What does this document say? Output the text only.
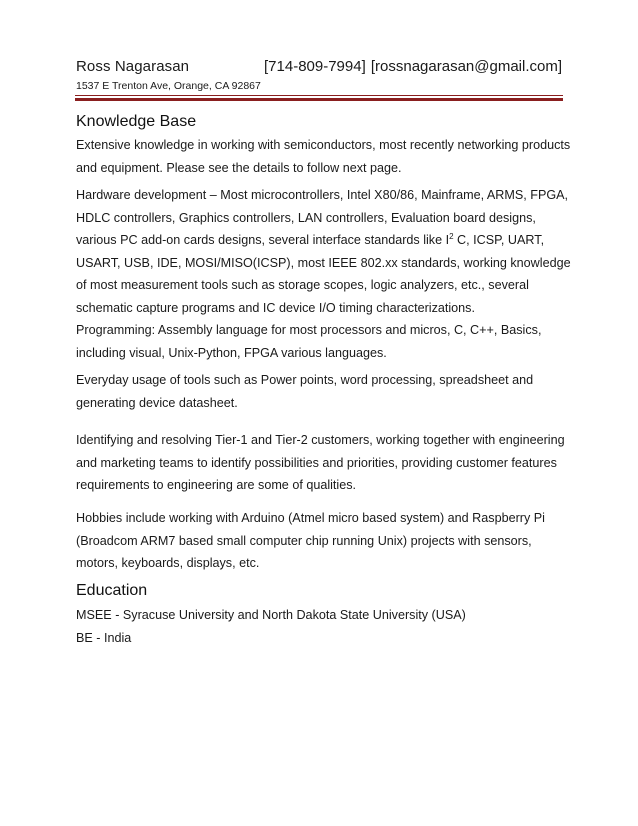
Ross Nagarasan	[714-809-7994] [rossnagarasan@gmail.com]
1537 E Trenton Ave, Orange, CA 92867
Knowledge Base

Extensive knowledge in working with semiconductors, most recently networking products and equipment. Please see the details to follow next page.

Hardware development – Most microcontrollers, Intel X80/86, Mainframe, ARMS, FPGA, HDLC controllers, Graphics controllers, LAN controllers, Evaluation board designs, various PC add-on cards designs, several interface standards like $I^2$ C, ICSP, UART, USART, USB, IDE, MOSI/MISO(ICSP), most IEEE 802.xx standards, working knowledge of most measurement tools such as storage scopes, logic analyzers, etc., several schematic capture programs and IC device I/O timing characterizations.

Programming: Assembly language for most processors and micros, C, C++, Basics, including visual, Unix-Python, FPGA various languages.

Everyday usage of tools such as Power points, word processing, spreadsheet and generating device datasheet.

Identifying and resolving Tier-1 and Tier-2 customers, working together with engineering and marketing teams to identify possibilities and priorities, providing customer features requirements to engineering are some of qualities.

Hobbies include working with Arduino (Atmel micro based system) and Raspberry Pi (Broadcom ARM7 based small computer chip running Unix) projects with sensors, motors, keyboards, displays, etc.

Education
MSEE - Syracuse University and North Dakota State University (USA)
BE - India
